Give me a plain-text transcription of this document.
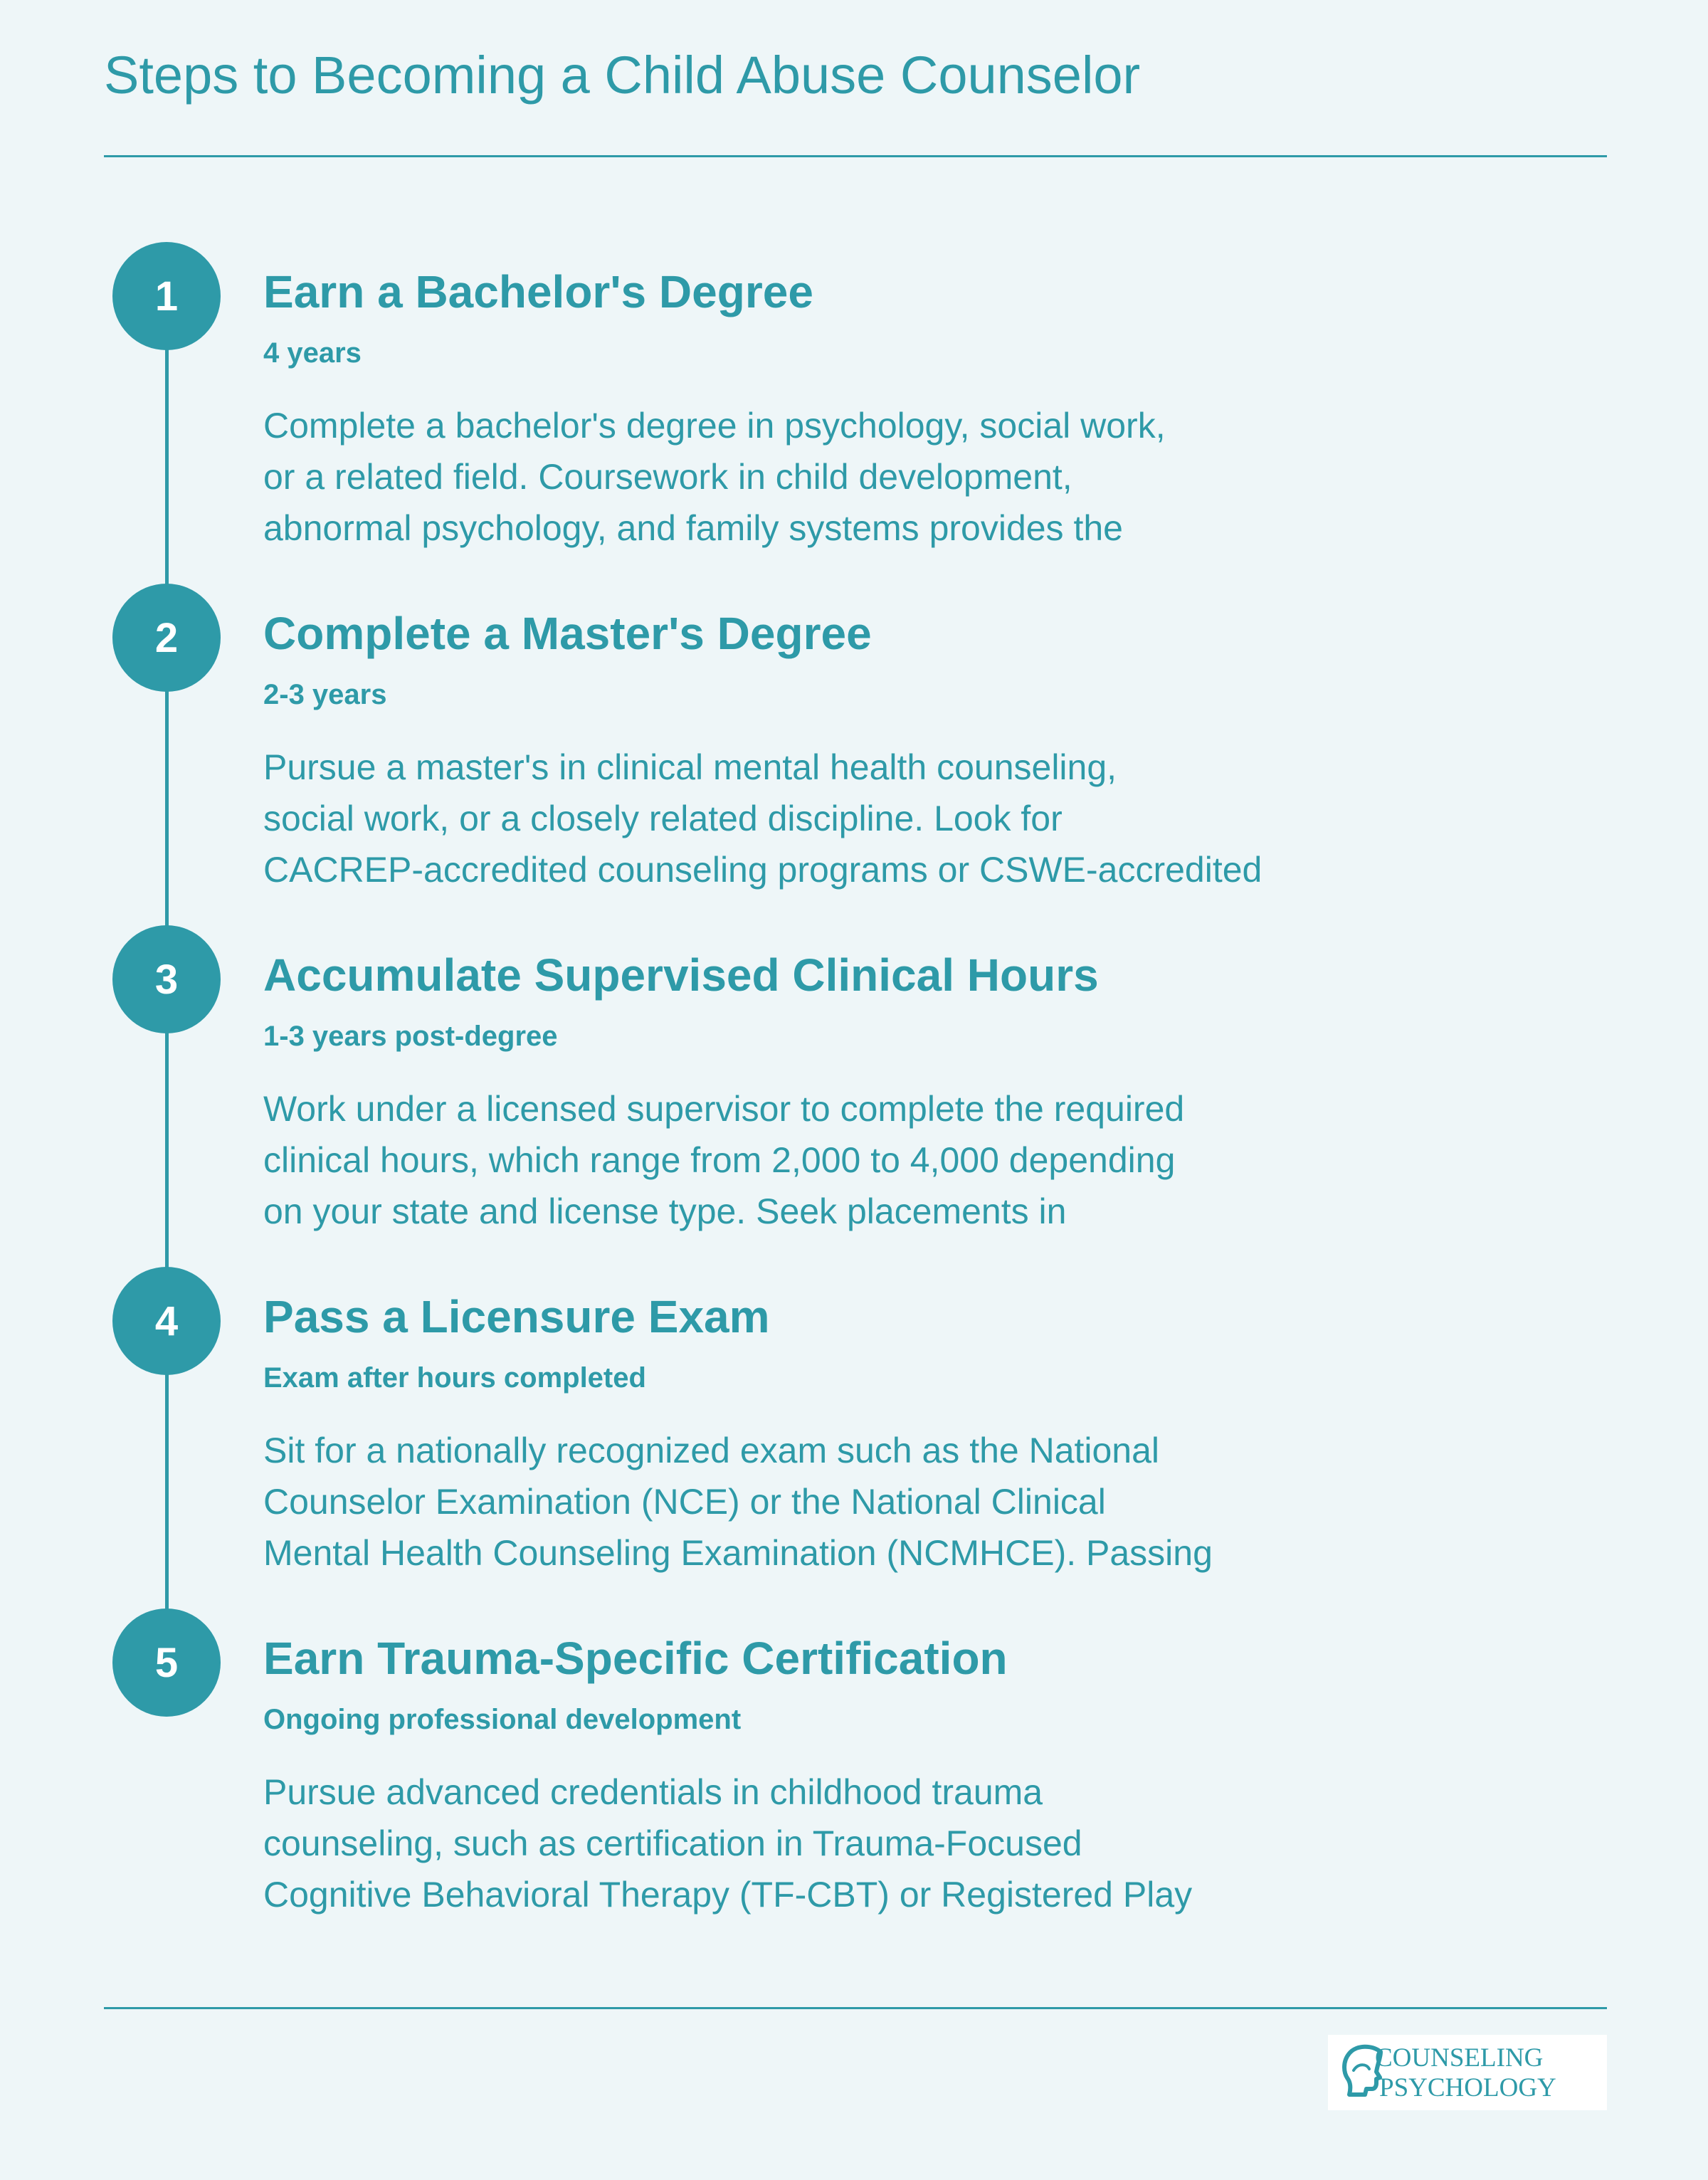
Steps to Becoming a Child Abuse Counselor
1	Earn a Bachelor's Degree
4 years
Complete a bachelor's degree in psychology, social work,
or a related field. Coursework in child development,
abnormal psychology, and family systems provides the
2	Complete a Master's Degree
2-3 years
Pursue a master's in clinical mental health counseling,
social work, or a closely related discipline. Look for
CACREP-accredited counseling programs or CSWE-accredited
3	Accumulate Supervised Clinical Hours
1-3 years post-degree
Work under a licensed supervisor to complete the required
clinical hours, which range from 2,000 to 4,000 depending
on your state and license type. Seek placements in
4	Pass a Licensure Exam
Exam after hours completed
Sit for a nationally recognized exam such as the National
Counselor Examination (NCE) or the National Clinical
Mental Health Counseling Examination (NCMHCE). Passing
5	Earn Trauma-Specific Certification
Ongoing professional development
Pursue advanced credentials in childhood trauma
counseling, such as certification in Trauma-Focused
Cognitive Behavioral Therapy (TF-CBT) or Registered Play
COUNSELING
PSYCHOLOGY
